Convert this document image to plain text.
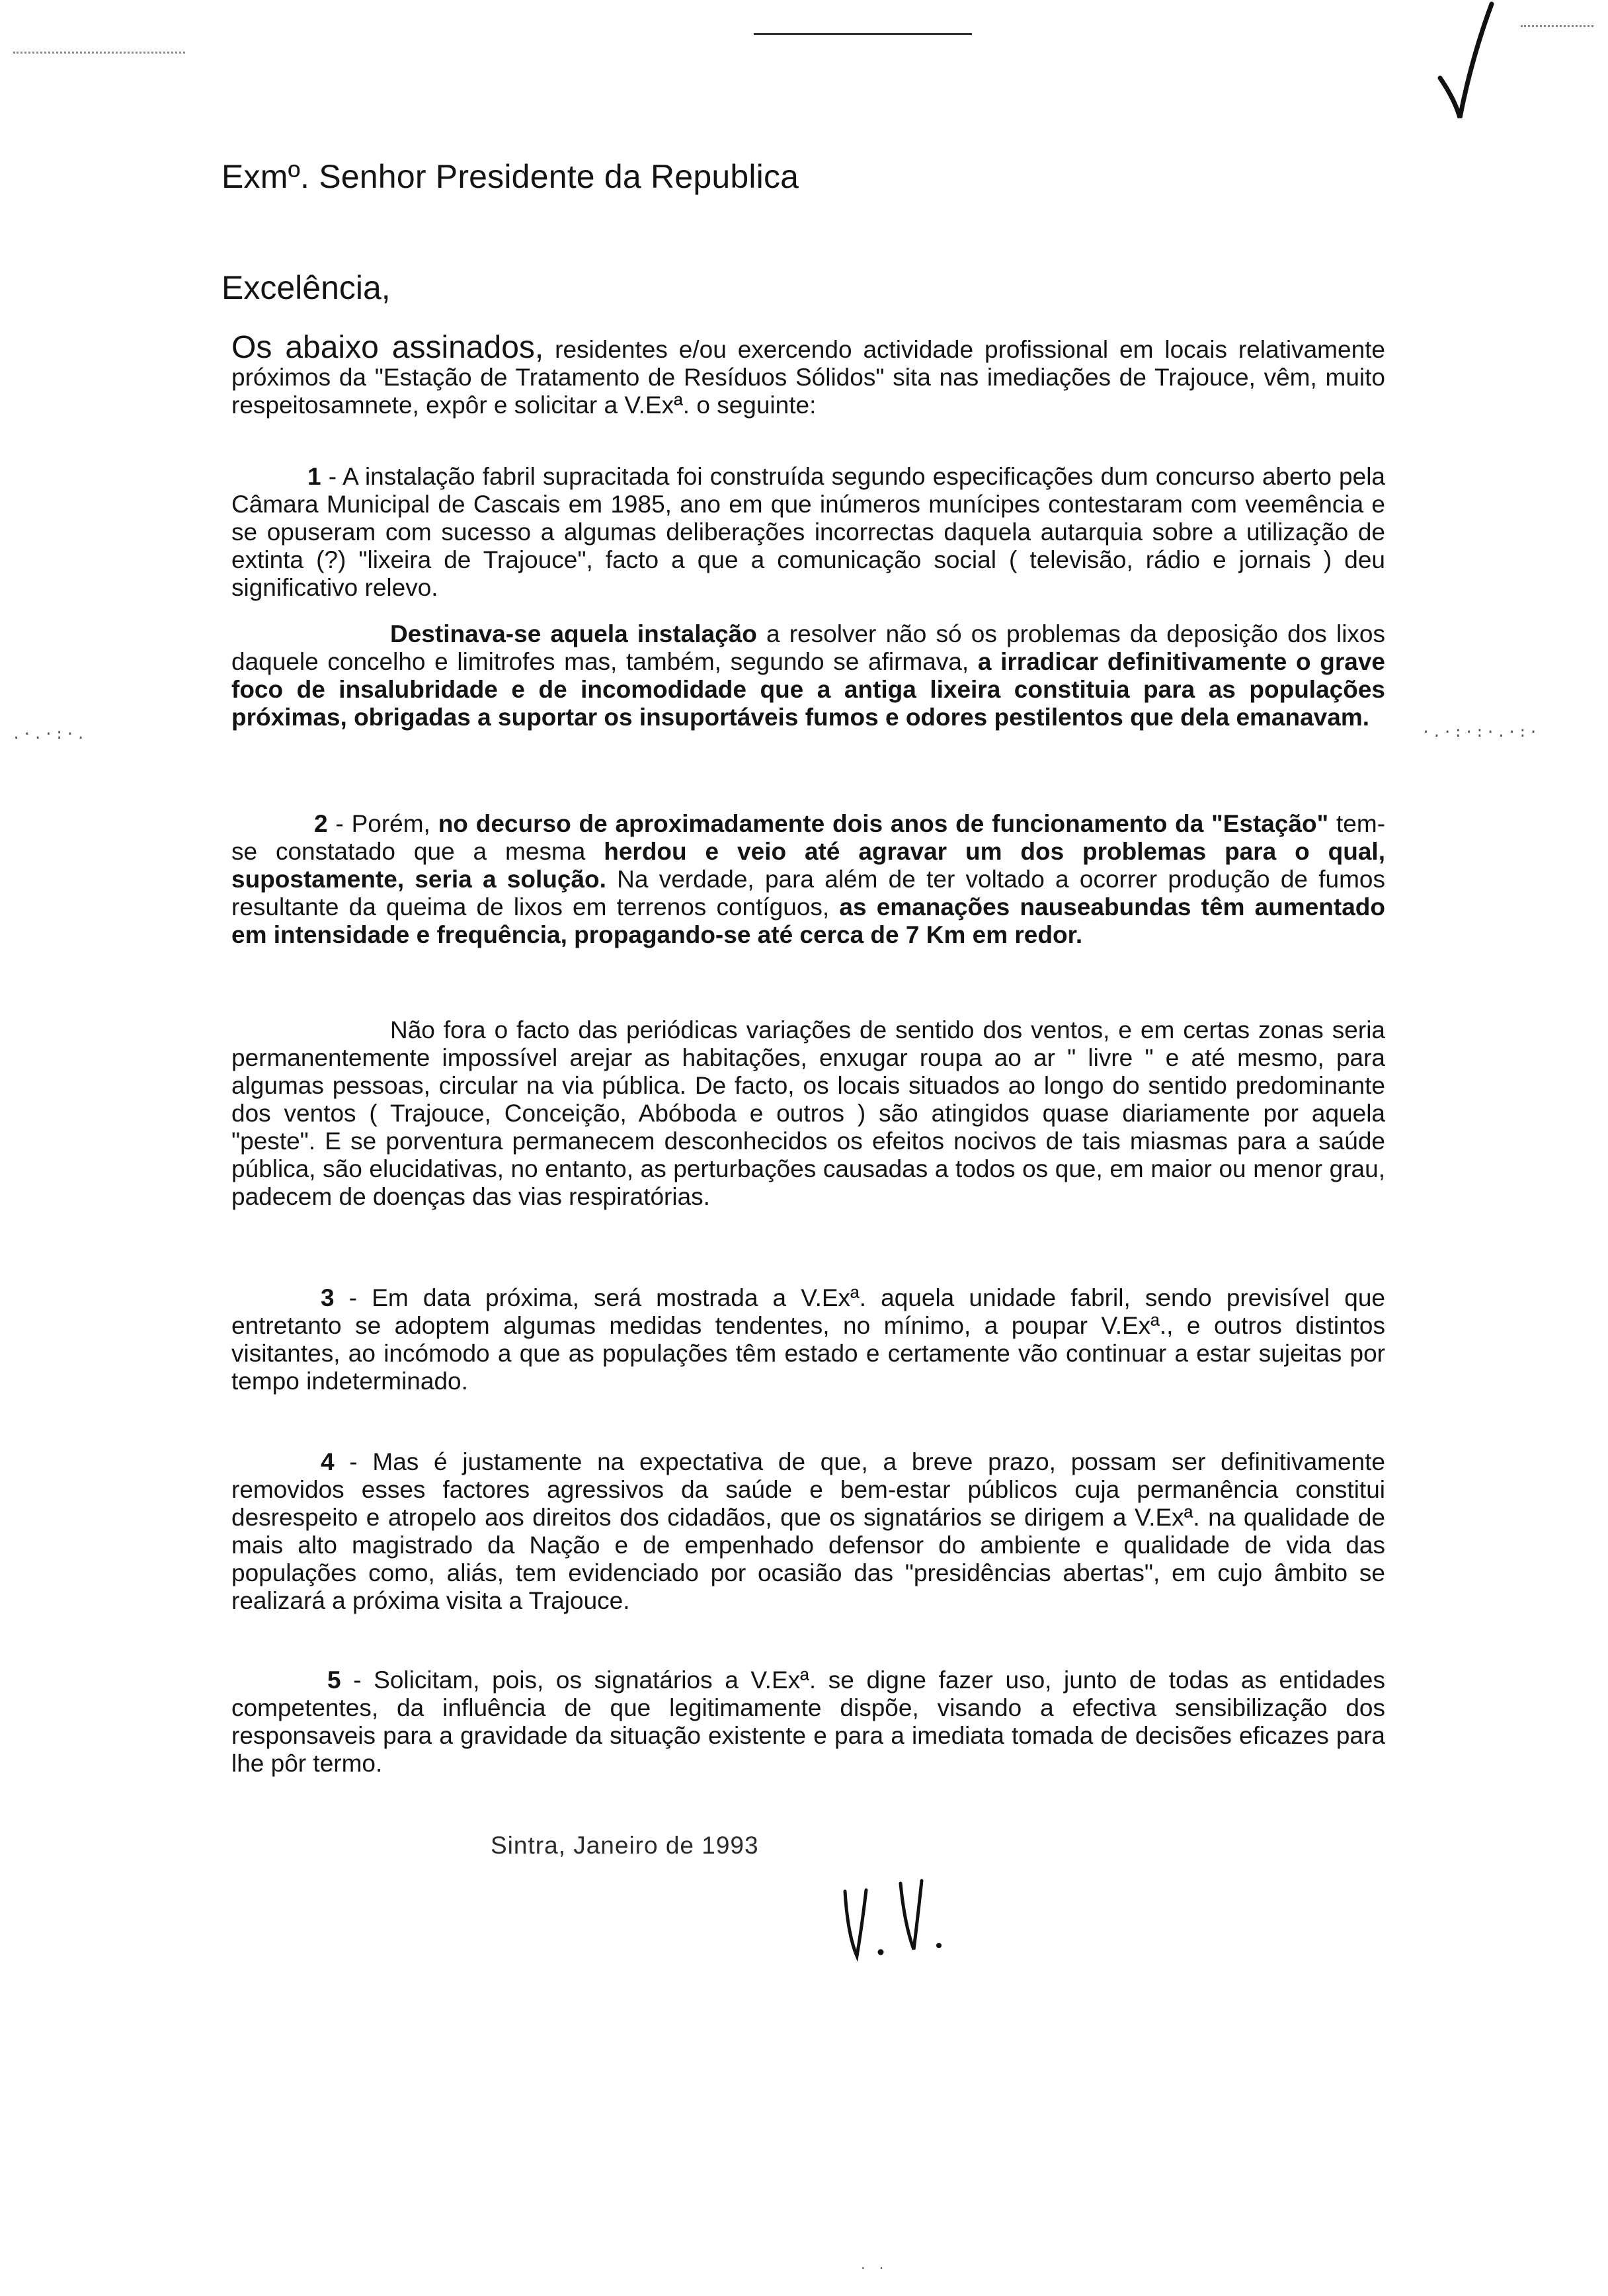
.·.·:·.	·.·:·:·.·:·
· ·
Exmº. Senhor Presidente da Republica
Excelência,
Os abaixo assinados, residentes e/ou exercendo actividade profissional em locais relativamente próximos da "Estação de Tratamento de Resíduos Sólidos" sita nas imediações de Trajouce, vêm, muito respeitosamnete, expôr e solicitar a V.Exª. o seguinte:
1 - A instalação fabril supracitada foi construída segundo especificações dum concurso aberto pela Câmara Municipal de Cascais em 1985, ano em que inúmeros munícipes contestaram com veemência e se opuseram com sucesso a algumas deliberações incorrectas daquela autarquia sobre a utilização de extinta (?) "lixeira de Trajouce", facto a que a comunicação social ( televisão, rádio e jornais ) deu significativo relevo.
Destinava-se aquela instalação a resolver não só os problemas da deposição dos lixos daquele concelho e limitrofes mas, também, segundo se afirmava, a irradicar definitivamente o grave foco de insalubridade e de incomodidade que a antiga lixeira constituia para as populações próximas, obrigadas a suportar os insuportáveis fumos e odores pestilentos que dela emanavam.
2 - Porém, no decurso de aproximadamente dois anos de funcionamento da "Estação" tem-se constatado que a mesma herdou e veio até agravar um dos problemas para o qual, supostamente, seria a solução. Na verdade, para além de ter voltado a ocorrer produção de fumos resultante da queima de lixos em terrenos contíguos, as emanações nauseabundas têm aumentado em intensidade e frequência, propagando-se até cerca de 7 Km em redor.
Não fora o facto das periódicas variações de sentido dos ventos, e em certas zonas seria permanentemente impossível arejar as habitações, enxugar roupa ao ar " livre " e até mesmo, para algumas pessoas, circular na via pública. De facto, os locais situados ao longo do sentido predominante dos ventos ( Trajouce, Conceição, Abóboda e outros ) são atingidos quase diariamente por aquela "peste". E se porventura permanecem desconhecidos os efeitos nocivos de tais miasmas para a saúde pública, são elucidativas, no entanto, as perturbações causadas a todos os que, em maior ou menor grau, padecem de doenças das vias respiratórias.
3 - Em data próxima, será mostrada a V.Exª. aquela unidade fabril, sendo previsível que entretanto se adoptem algumas medidas tendentes, no mínimo, a poupar V.Exª., e outros distintos visitantes, ao incómodo a que as populações têm estado e certamente vão continuar a estar sujeitas por tempo indeterminado.
4 - Mas é justamente na expectativa de que, a breve prazo, possam ser definitivamente removidos esses factores agressivos da saúde e bem-estar públicos cuja permanência constitui desrespeito e atropelo aos direitos dos cidadãos, que os signatários se dirigem a V.Exª. na qualidade de mais alto magistrado da Nação e de empenhado defensor do ambiente e qualidade de vida das populações como, aliás, tem evidenciado por ocasião das "presidências abertas", em cujo âmbito se realizará a próxima visita a Trajouce.
5 - Solicitam, pois, os signatários a V.Exª. se digne fazer uso, junto de todas as entidades competentes, da influência de que legitimamente dispõe, visando a efectiva sensibilização dos responsaveis para a gravidade da situação existente e para a imediata tomada de decisões eficazes para lhe pôr termo.
Sintra, Janeiro de 1993
